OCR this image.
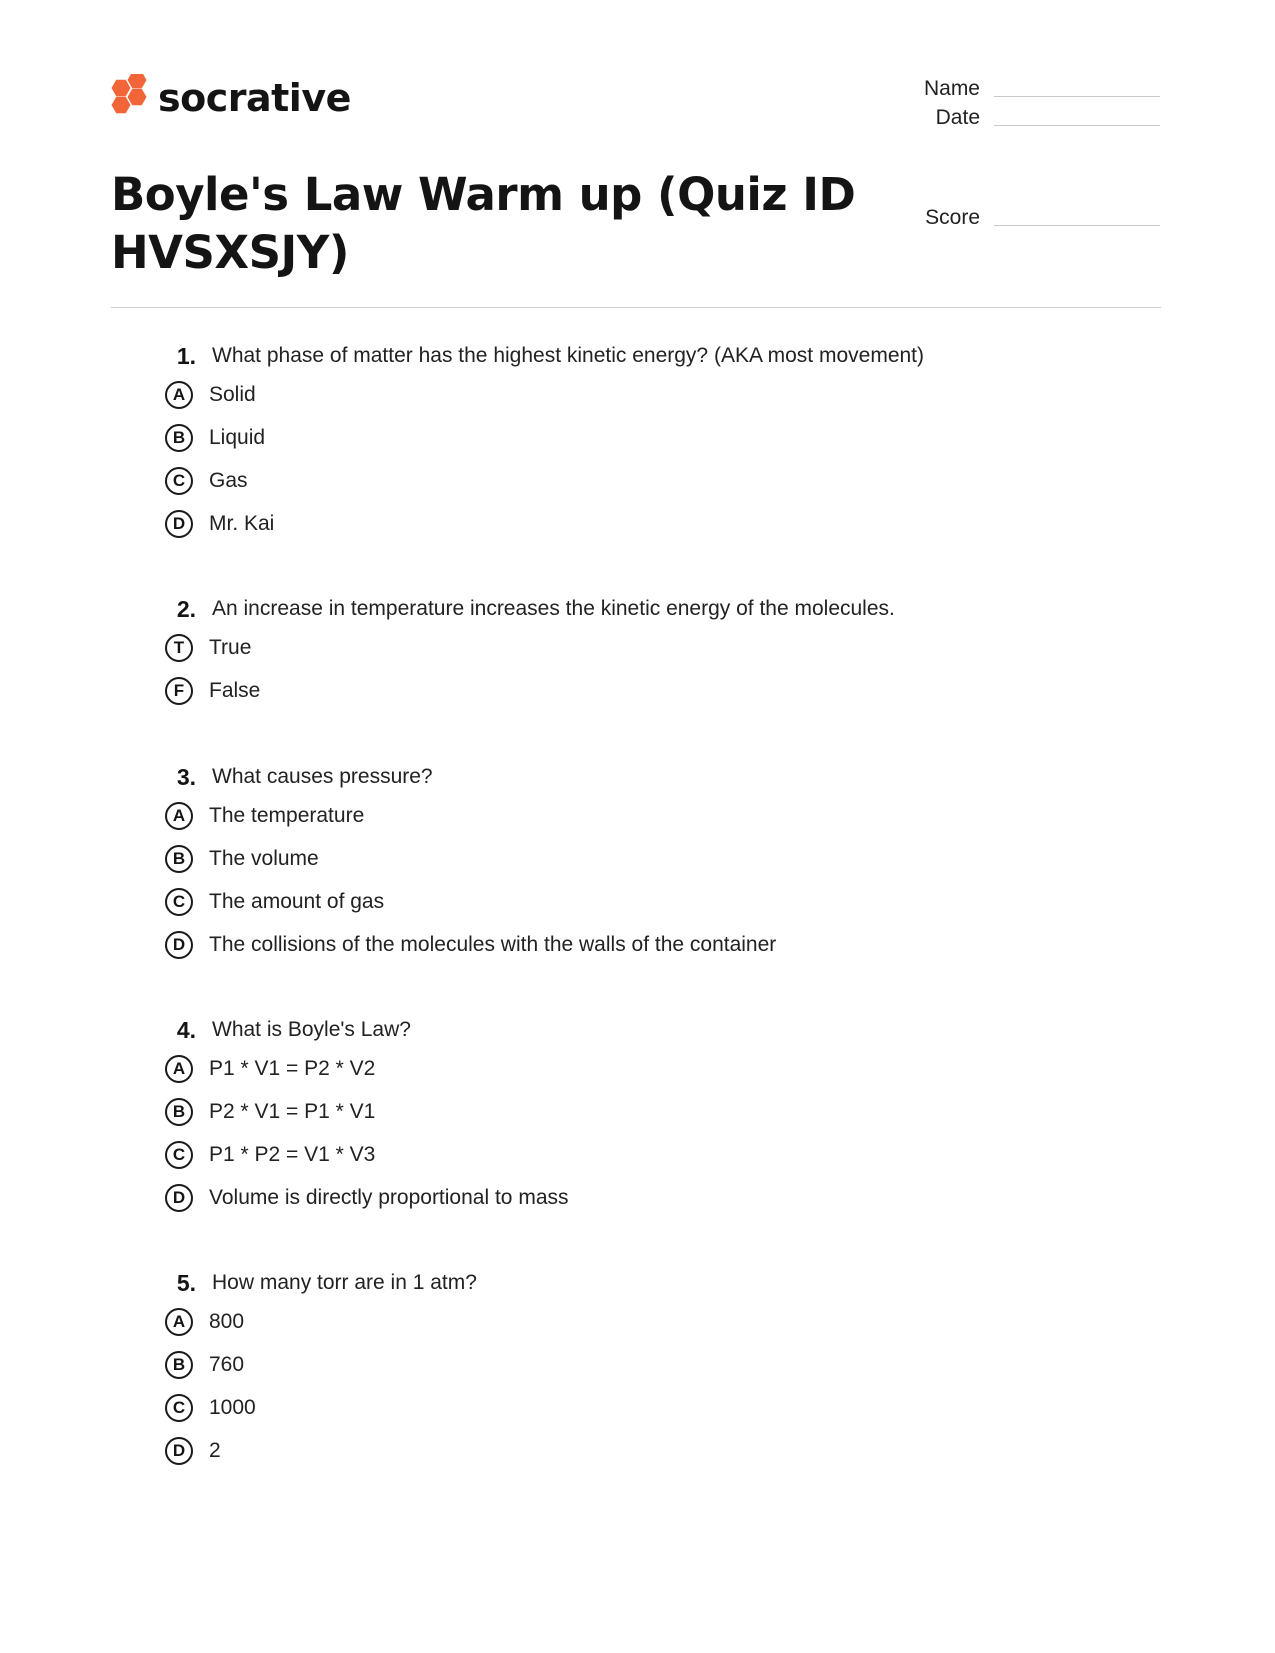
socrative	Name
Date
Score
Boyle's Law Warm up (Quiz ID HVSXSJY)
1. What phase of matter has the highest kinetic energy? (AKA most movement)
A	Solid
B	Liquid
C	Gas
D	Mr. Kai
2. An increase in temperature increases the kinetic energy of the molecules.
T	True
F	False
3. What causes pressure?
A	The temperature
B	The volume
C	The amount of gas
D	The collisions of the molecules with the walls of the container
4. What is Boyle's Law?
A	P1 * V1 = P2 * V2
B	P2 * V1 = P1 * V1
C	P1 * P2 = V1 * V3
D	Volume is directly proportional to mass
5. How many torr are in 1 atm?
A	800
B	760
C	1000
D	2
